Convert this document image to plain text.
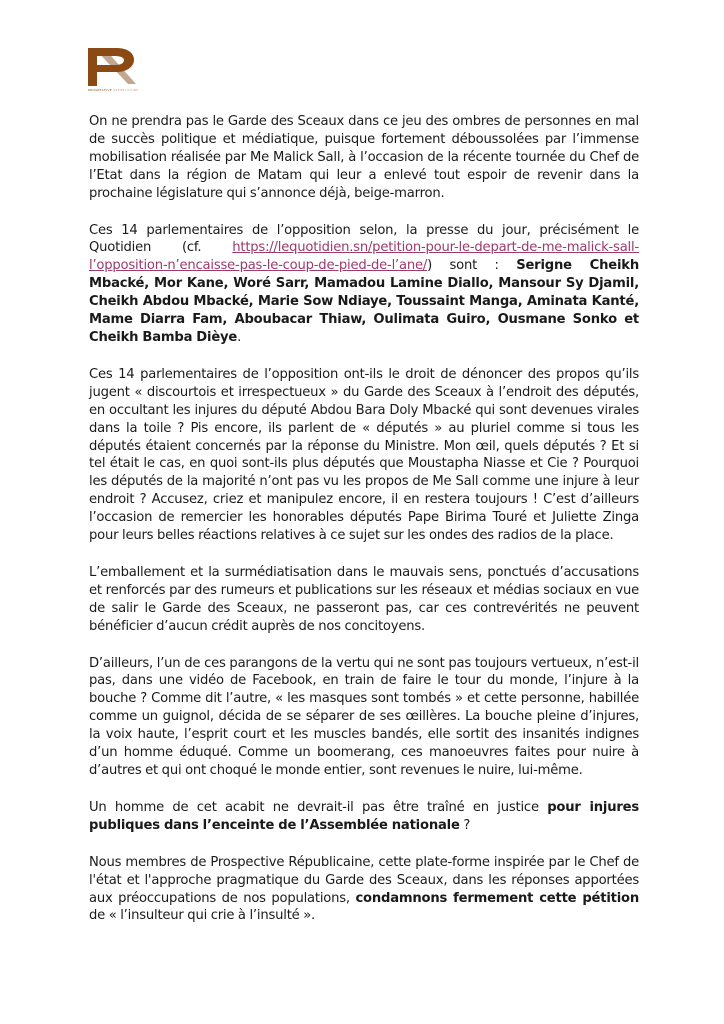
PROSPECTIVE RÉPUBLICAINE

On ne prendra pas le Garde des Sceaux dans ce jeu des ombres de personnes en mal de succès politique et médiatique, puisque fortement déboussolées par l’immense mobilisation réalisée par Me Malick Sall, à l’occasion de la récente tournée du Chef de l’Etat dans la région de Matam qui leur a enlevé tout espoir de revenir dans la prochaine législature qui s’annonce déjà, beige-marron.

Ces 14 parlementaires de l’opposition selon, la presse du jour, précisément le Quotidien (cf. https://lequotidien.sn/petition-pour-le-depart-de-me-malick-sall-l’opposition-n’encaisse-pas-le-coup-de-pied-de-l’ane/) sont : Serigne Cheikh Mbacké, Mor Kane, Woré Sarr, Mamadou Lamine Diallo, Mansour Sy Djamil, Cheikh Abdou Mbacké, Marie Sow Ndiaye, Toussaint Manga, Aminata Kanté, Mame Diarra Fam, Aboubacar Thiaw, Oulimata Guiro, Ousmane Sonko et Cheikh Bamba Dièye.

Ces 14 parlementaires de l’opposition ont-ils le droit de dénoncer des propos qu’ils jugent « discourtois et irrespectueux » du Garde des Sceaux à l’endroit des députés, en occultant les injures du député Abdou Bara Doly Mbacké qui sont devenues virales dans la toile ? Pis encore, ils parlent de « députés » au pluriel comme si tous les députés étaient concernés par la réponse du Ministre. Mon œil, quels députés ? Et si tel était le cas, en quoi sont-ils plus députés que Moustapha Niasse et Cie ? Pourquoi les députés de la majorité n’ont pas vu les propos de Me Sall comme une injure à leur endroit ? Accusez, criez et manipulez encore, il en restera toujours ! C’est d’ailleurs l’occasion de remercier les honorables députés Pape Birima Touré et Juliette Zinga pour leurs belles réactions relatives à ce sujet sur les ondes des radios de la place.

L’emballement et la surmédiatisation dans le mauvais sens, ponctués d’accusations et renforcés par des rumeurs et publications sur les réseaux et médias sociaux en vue de salir le Garde des Sceaux, ne passeront pas, car ces contrevérités ne peuvent bénéficier d’aucun crédit auprès de nos concitoyens.

D’ailleurs, l’un de ces parangons de la vertu qui ne sont pas toujours vertueux, n’est-il pas, dans une vidéo de Facebook, en train de faire le tour du monde, l’injure à la bouche ? Comme dit l’autre, « les masques sont tombés » et cette personne, habillée comme un guignol, décida de se séparer de ses œillères. La bouche pleine d’injures, la voix haute, l’esprit court et les muscles bandés, elle sortit des insanités indignes d’un homme éduqué. Comme un boomerang, ces manoeuvres faites pour nuire à d’autres et qui ont choqué le monde entier, sont revenues le nuire, lui-même.

Un homme de cet acabit ne devrait-il pas être traîné en justice pour injures publiques dans l’enceinte de l’Assemblée nationale ?

Nous membres de Prospective Républicaine, cette plate-forme inspirée par le Chef de l'état et l'approche pragmatique du Garde des Sceaux, dans les réponses apportées aux préoccupations de nos populations, condamnons fermement cette pétition de « l’insulteur qui crie à l’insulté ».
